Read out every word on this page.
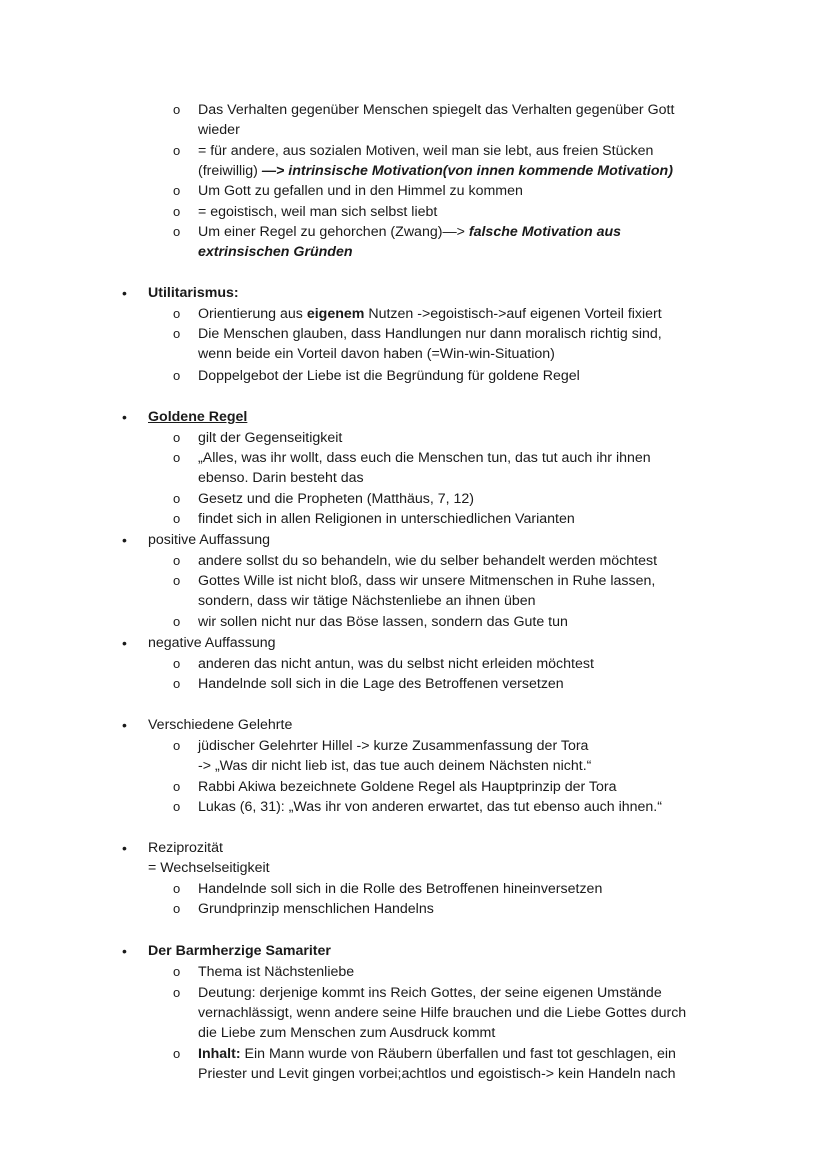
o Das Verhalten gegenüber Menschen spiegelt das Verhalten gegenüber Gott
wieder
o = für andere, aus sozialen Motiven, weil man sie lebt, aus freien Stücken
(freiwillig) —> intrinsische Motivation(von innen kommende Motivation)
o Um Gott zu gefallen und in den Himmel zu kommen
o = egoistisch, weil man sich selbst liebt
o Um einer Regel zu gehorchen (Zwang)—> falsche Motivation aus
extrinsischen Gründen
• Utilitarismus:
o Orientierung aus eigenem Nutzen ->egoistisch->auf eigenen Vorteil fixiert
o Die Menschen glauben, dass Handlungen nur dann moralisch richtig sind,
wenn beide ein Vorteil davon haben (=Win-win-Situation)
o Doppelgebot der Liebe ist die Begründung für goldene Regel
• Goldene Regel
o gilt der Gegenseitigkeit
o „Alles, was ihr wollt, dass euch die Menschen tun, das tut auch ihr ihnen
ebenso. Darin besteht das
o Gesetz und die Propheten (Matthäus, 7, 12)
o findet sich in allen Religionen in unterschiedlichen Varianten
• positive Auffassung
o andere sollst du so behandeln, wie du selber behandelt werden möchtest
o Gottes Wille ist nicht bloß, dass wir unsere Mitmenschen in Ruhe lassen,
sondern, dass wir tätige Nächstenliebe an ihnen üben
o wir sollen nicht nur das Böse lassen, sondern das Gute tun
• negative Auffassung
o anderen das nicht antun, was du selbst nicht erleiden möchtest
o Handelnde soll sich in die Lage des Betroffenen versetzen
• Verschiedene Gelehrte
o jüdischer Gelehrter Hillel -> kurze Zusammenfassung der Tora
-> „Was dir nicht lieb ist, das tue auch deinem Nächsten nicht.“
o Rabbi Akiwa bezeichnete Goldene Regel als Hauptprinzip der Tora
o Lukas (6, 31): „Was ihr von anderen erwartet, das tut ebenso auch ihnen.“
• Reziprozität
= Wechselseitigkeit
o Handelnde soll sich in die Rolle des Betroffenen hineinversetzen
o Grundprinzip menschlichen Handelns
• Der Barmherzige Samariter
o Thema ist Nächstenliebe
o Deutung: derjenige kommt ins Reich Gottes, der seine eigenen Umstände
vernachlässigt, wenn andere seine Hilfe brauchen und die Liebe Gottes durch
die Liebe zum Menschen zum Ausdruck kommt
o Inhalt: Ein Mann wurde von Räubern überfallen und fast tot geschlagen, ein
Priester und Levit gingen vorbei;achtlos und egoistisch-> kein Handeln nach
